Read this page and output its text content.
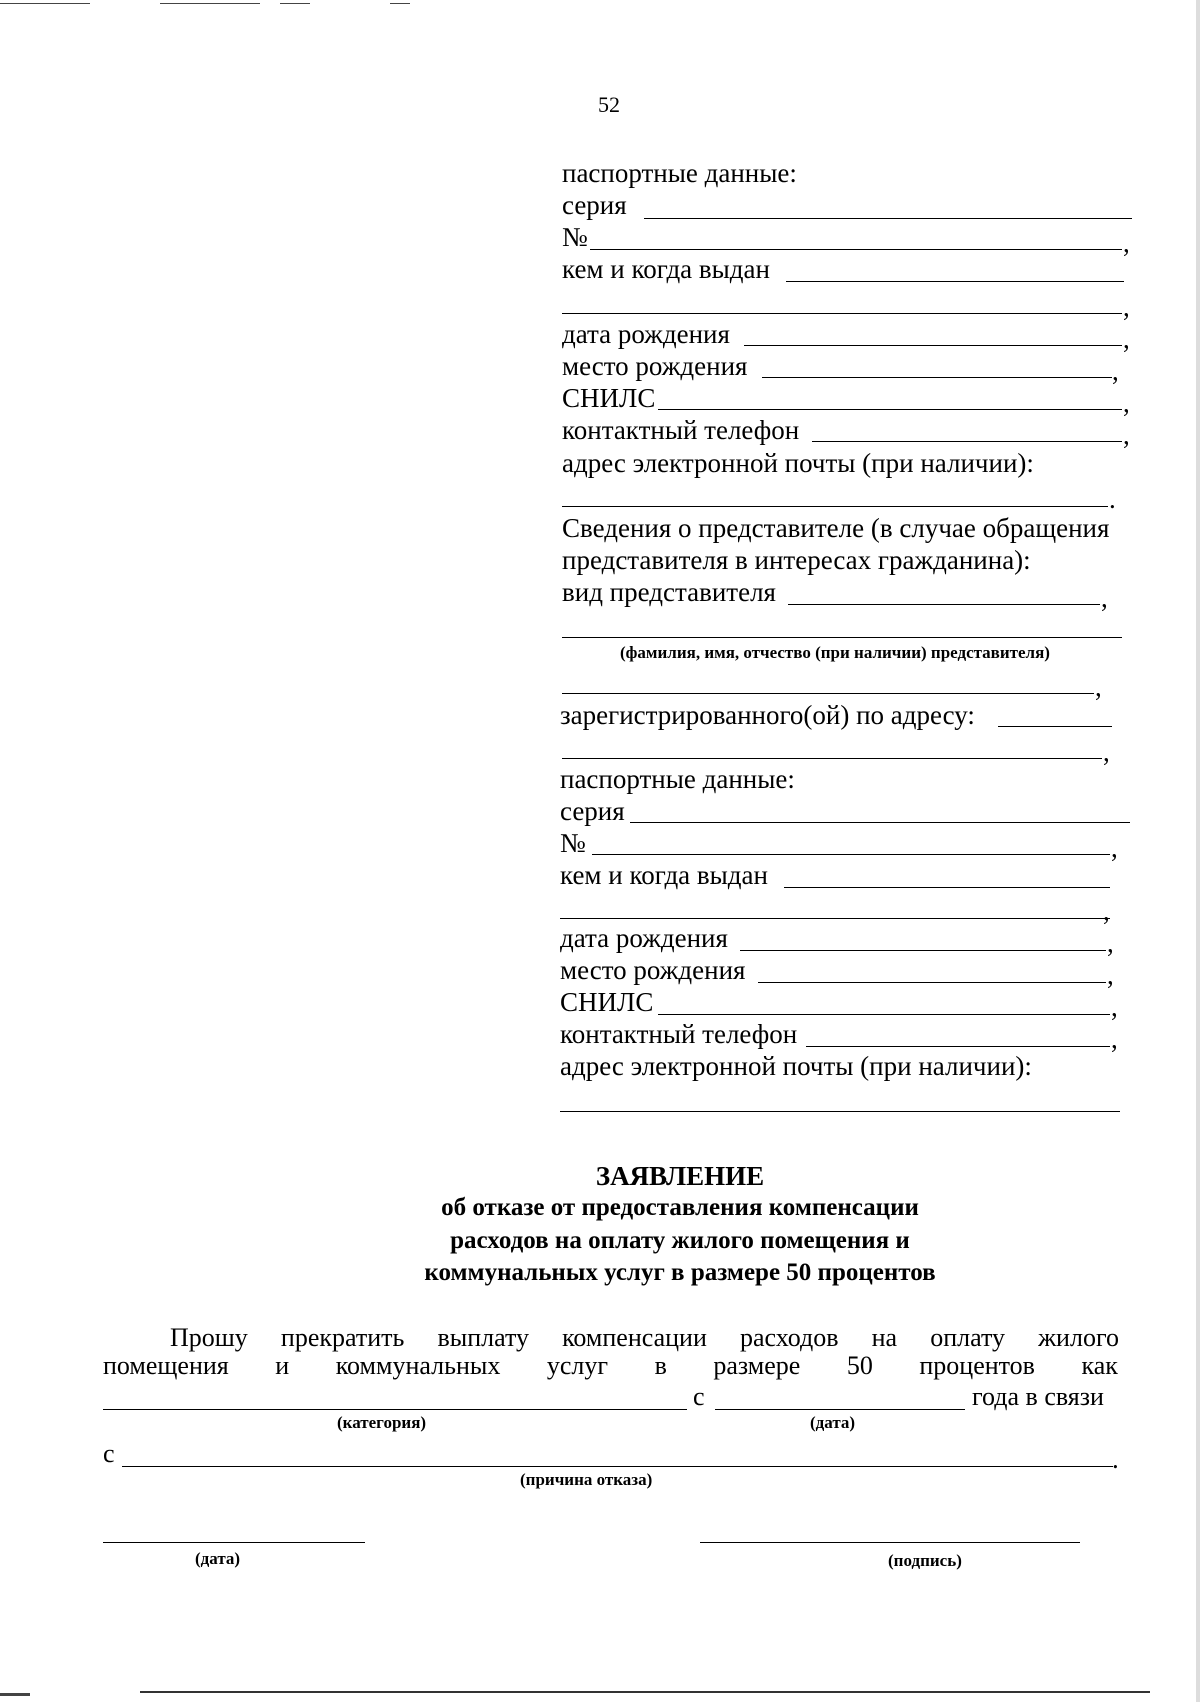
52
паспортные данные:
серия
№	,
кем и когда выдан
,
дата рождения	,
место рождения	,
СНИЛС	,
контактный телефон	,
адрес электронной почты (при наличии):
.
Сведения о представителе (в случае обращения
представителя в интересах гражданина):
вид представителя	,
(фамилия, имя, отчество (при наличии) представителя)
,
зарегистрированного(ой) по адресу:
,
паспортные данные:
серия
№	,
кем и когда выдан
,
дата рождения	,
место рождения	,
СНИЛС	,
контактный телефон	,
адрес электронной почты (при наличии):
ЗАЯВЛЕНИЕ
об отказе от предоставления компенсации
расходов на оплату жилого помещения и
коммунальных услуг в размере 50 процентов
Прошу прекратить выплату компенсации расходов на оплату жилого
помещения и коммунальных услуг в размере 50 процентов как
с	года в связи
(категория)	(дата)
с	.
(причина отказа)
(дата)	(подпись)
